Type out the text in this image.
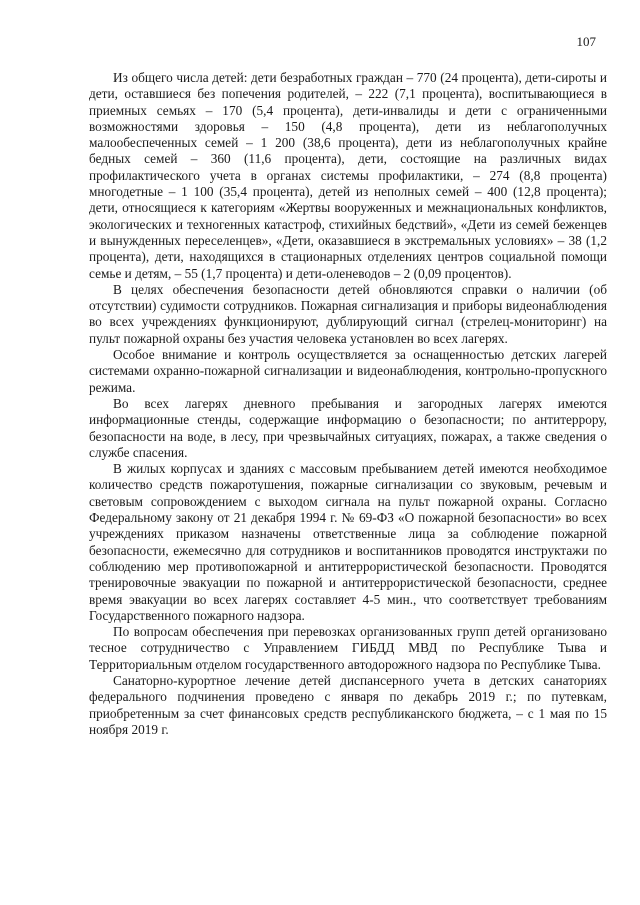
107

Из общего числа детей: дети безработных граждан – 770 (24 процента), дети-сироты и дети, оставшиеся без попечения родителей, – 222 (7,1 процента), воспитывающиеся в приемных семьях – 170 (5,4 процента), дети-инвалиды и дети с ограниченными возможностями здоровья – 150 (4,8 процента), дети из неблагополучных малообеспеченных семей – 1 200 (38,6 процента), дети из неблагополучных крайне бедных семей – 360 (11,6 процента), дети, состоящие на различных видах профилактического учета в органах системы профилактики, – 274 (8,8 процента) многодетные – 1 100 (35,4 процента), детей из неполных семей – 400 (12,8 процента); дети, относящиеся к категориям «Жертвы вооруженных и межнациональных конфликтов, экологических и техногенных катастроф, стихийных бедствий», «Дети из семей беженцев и вынужденных переселенцев», «Дети, оказавшиеся в экстремальных условиях» – 38 (1,2 процента), дети, находящихся в стационарных отделениях центров социальной помощи семье и детям, – 55 (1,7 процента) и дети-оленеводов – 2 (0,09 процентов).

В целях обеспечения безопасности детей обновляются справки о наличии (об отсутствии) судимости сотрудников. Пожарная сигнализация и приборы видеонаблюдения во всех учреждениях функционируют, дублирующий сигнал (стрелец-мониторинг) на пульт пожарной охраны без участия человека установлен во всех лагерях.

Особое внимание и контроль осуществляется за оснащенностью детских лагерей системами охранно-пожарной сигнализации и видеонаблюдения, контрольно-пропускного режима.

Во всех лагерях дневного пребывания и загородных лагерях имеются информационные стенды, содержащие информацию о безопасности; по антитеррору, безопасности на воде, в лесу, при чрезвычайных ситуациях, пожарах, а также сведения о службе спасения.

В жилых корпусах и зданиях с массовым пребыванием детей имеются необходимое количество средств пожаротушения, пожарные сигнализации со звуковым, речевым и световым сопровождением с выходом сигнала на пульт пожарной охраны. Согласно Федеральному закону от 21 декабря 1994 г. № 69-ФЗ «О пожарной безопасности» во всех учреждениях приказом назначены ответственные лица за соблюдение пожарной безопасности, ежемесячно для сотрудников и воспитанников проводятся инструктажи по соблюдению мер противопожарной и антитеррористической безопасности. Проводятся тренировочные эвакуации по пожарной и антитеррористической безопасности, среднее время эвакуации во всех лагерях составляет 4-5 мин., что соответствует требованиям Государственного пожарного надзора.

По вопросам обеспечения при перевозках организованных групп детей организовано тесное сотрудничество с Управлением ГИБДД МВД по Республике Тыва и Территориальным отделом государственного автодорожного надзора по Республике Тыва.

Санаторно-курортное лечение детей диспансерного учета в детских санаториях федерального подчинения проведено с января по декабрь 2019 г.; по путевкам, приобретенным за счет финансовых средств республиканского бюджета, – с 1 мая по 15 ноября 2019 г.
